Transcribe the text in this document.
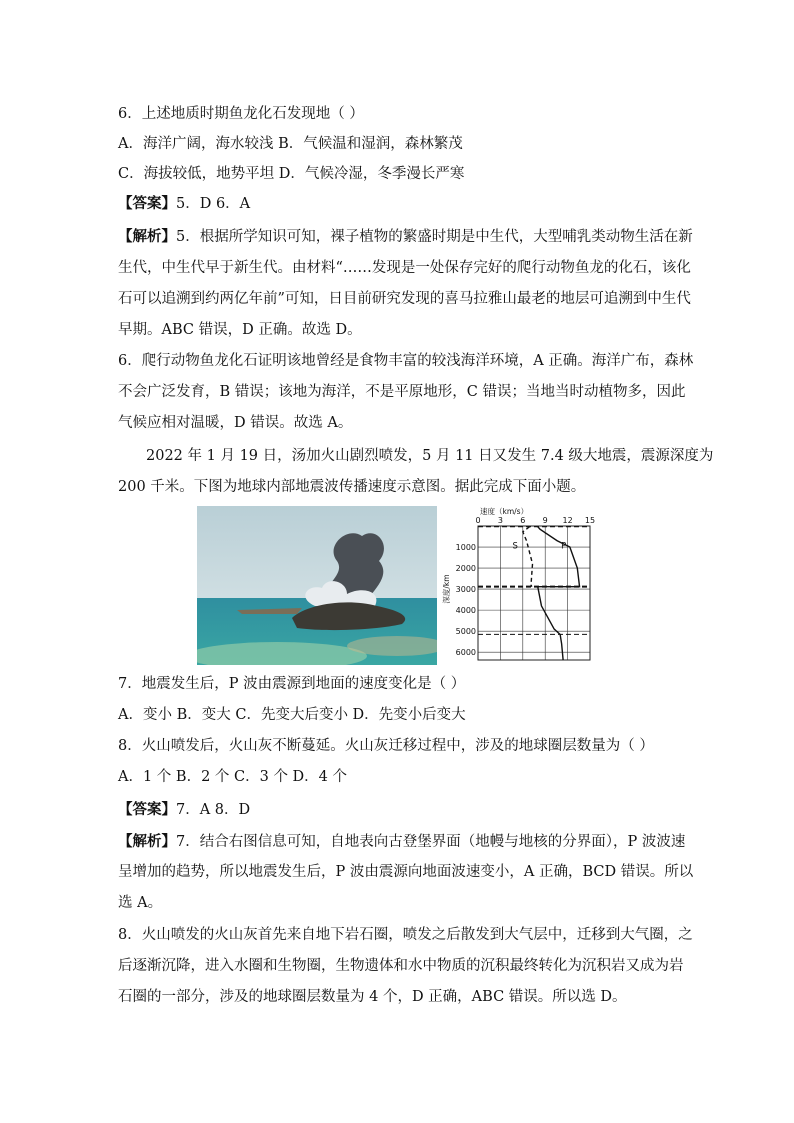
6．上述地质时期鱼龙化石发现地（ ）
A．海洋广阔，海水较浅 B．气候温和湿润，森林繁茂
C．海拔较低，地势平坦 D．气候冷湿，冬季漫长严寒
【答案】5．D 6．A
【解析】5．根据所学知识可知，裸子植物的繁盛时期是中生代，大型哺乳类动物生活在新
生代，中生代早于新生代。由材料“……发现是一处保存完好的爬行动物鱼龙的化石，该化
石可以追溯到约两亿年前”可知，日目前研究发现的喜马拉雅山最老的地层可追溯到中生代
早期。ABC 错误，D 正确。故选 D。
6．爬行动物鱼龙化石证明该地曾经是食物丰富的较浅海洋环境，A 正确。海洋广布，森林
不会广泛发育，B 错误；该地为海洋，不是平原地形，C 错误；当地当时动植物多，因此
气候应相对温暖，D 错误。故选 A。
2022 年 1 月 19 日，汤加火山剧烈喷发，5 月 11 日又发生 7.4 级大地震，震源深度为
200 千米。下图为地球内部地震波传播速度示意图。据此完成下面小题。
0 3 6 9 12 15
1000
2000
3000
4000
5000
6000
速度（km/s）
深度/km
S	P
7．地震发生后，P 波由震源到地面的速度变化是（ ）
A．变小 B．变大 C．先变大后变小 D．先变小后变大
8．火山喷发后，火山灰不断蔓延。火山灰迁移过程中，涉及的地球圈层数量为（ ）
A．1 个 B．2 个 C．3 个 D．4 个
【答案】7．A 8．D
【解析】7．结合右图信息可知，自地表向古登堡界面（地幔与地核的分界面），P 波波速
呈增加的趋势，所以地震发生后，P 波由震源向地面波速变小，A 正确，BCD 错误。所以
选 A。
8．火山喷发的火山灰首先来自地下岩石圈，喷发之后散发到大气层中，迁移到大气圈，之
后逐渐沉降，进入水圈和生物圈，生物遗体和水中物质的沉积最终转化为沉积岩又成为岩
石圈的一部分，涉及的地球圈层数量为 4 个，D 正确，ABC 错误。所以选 D。
